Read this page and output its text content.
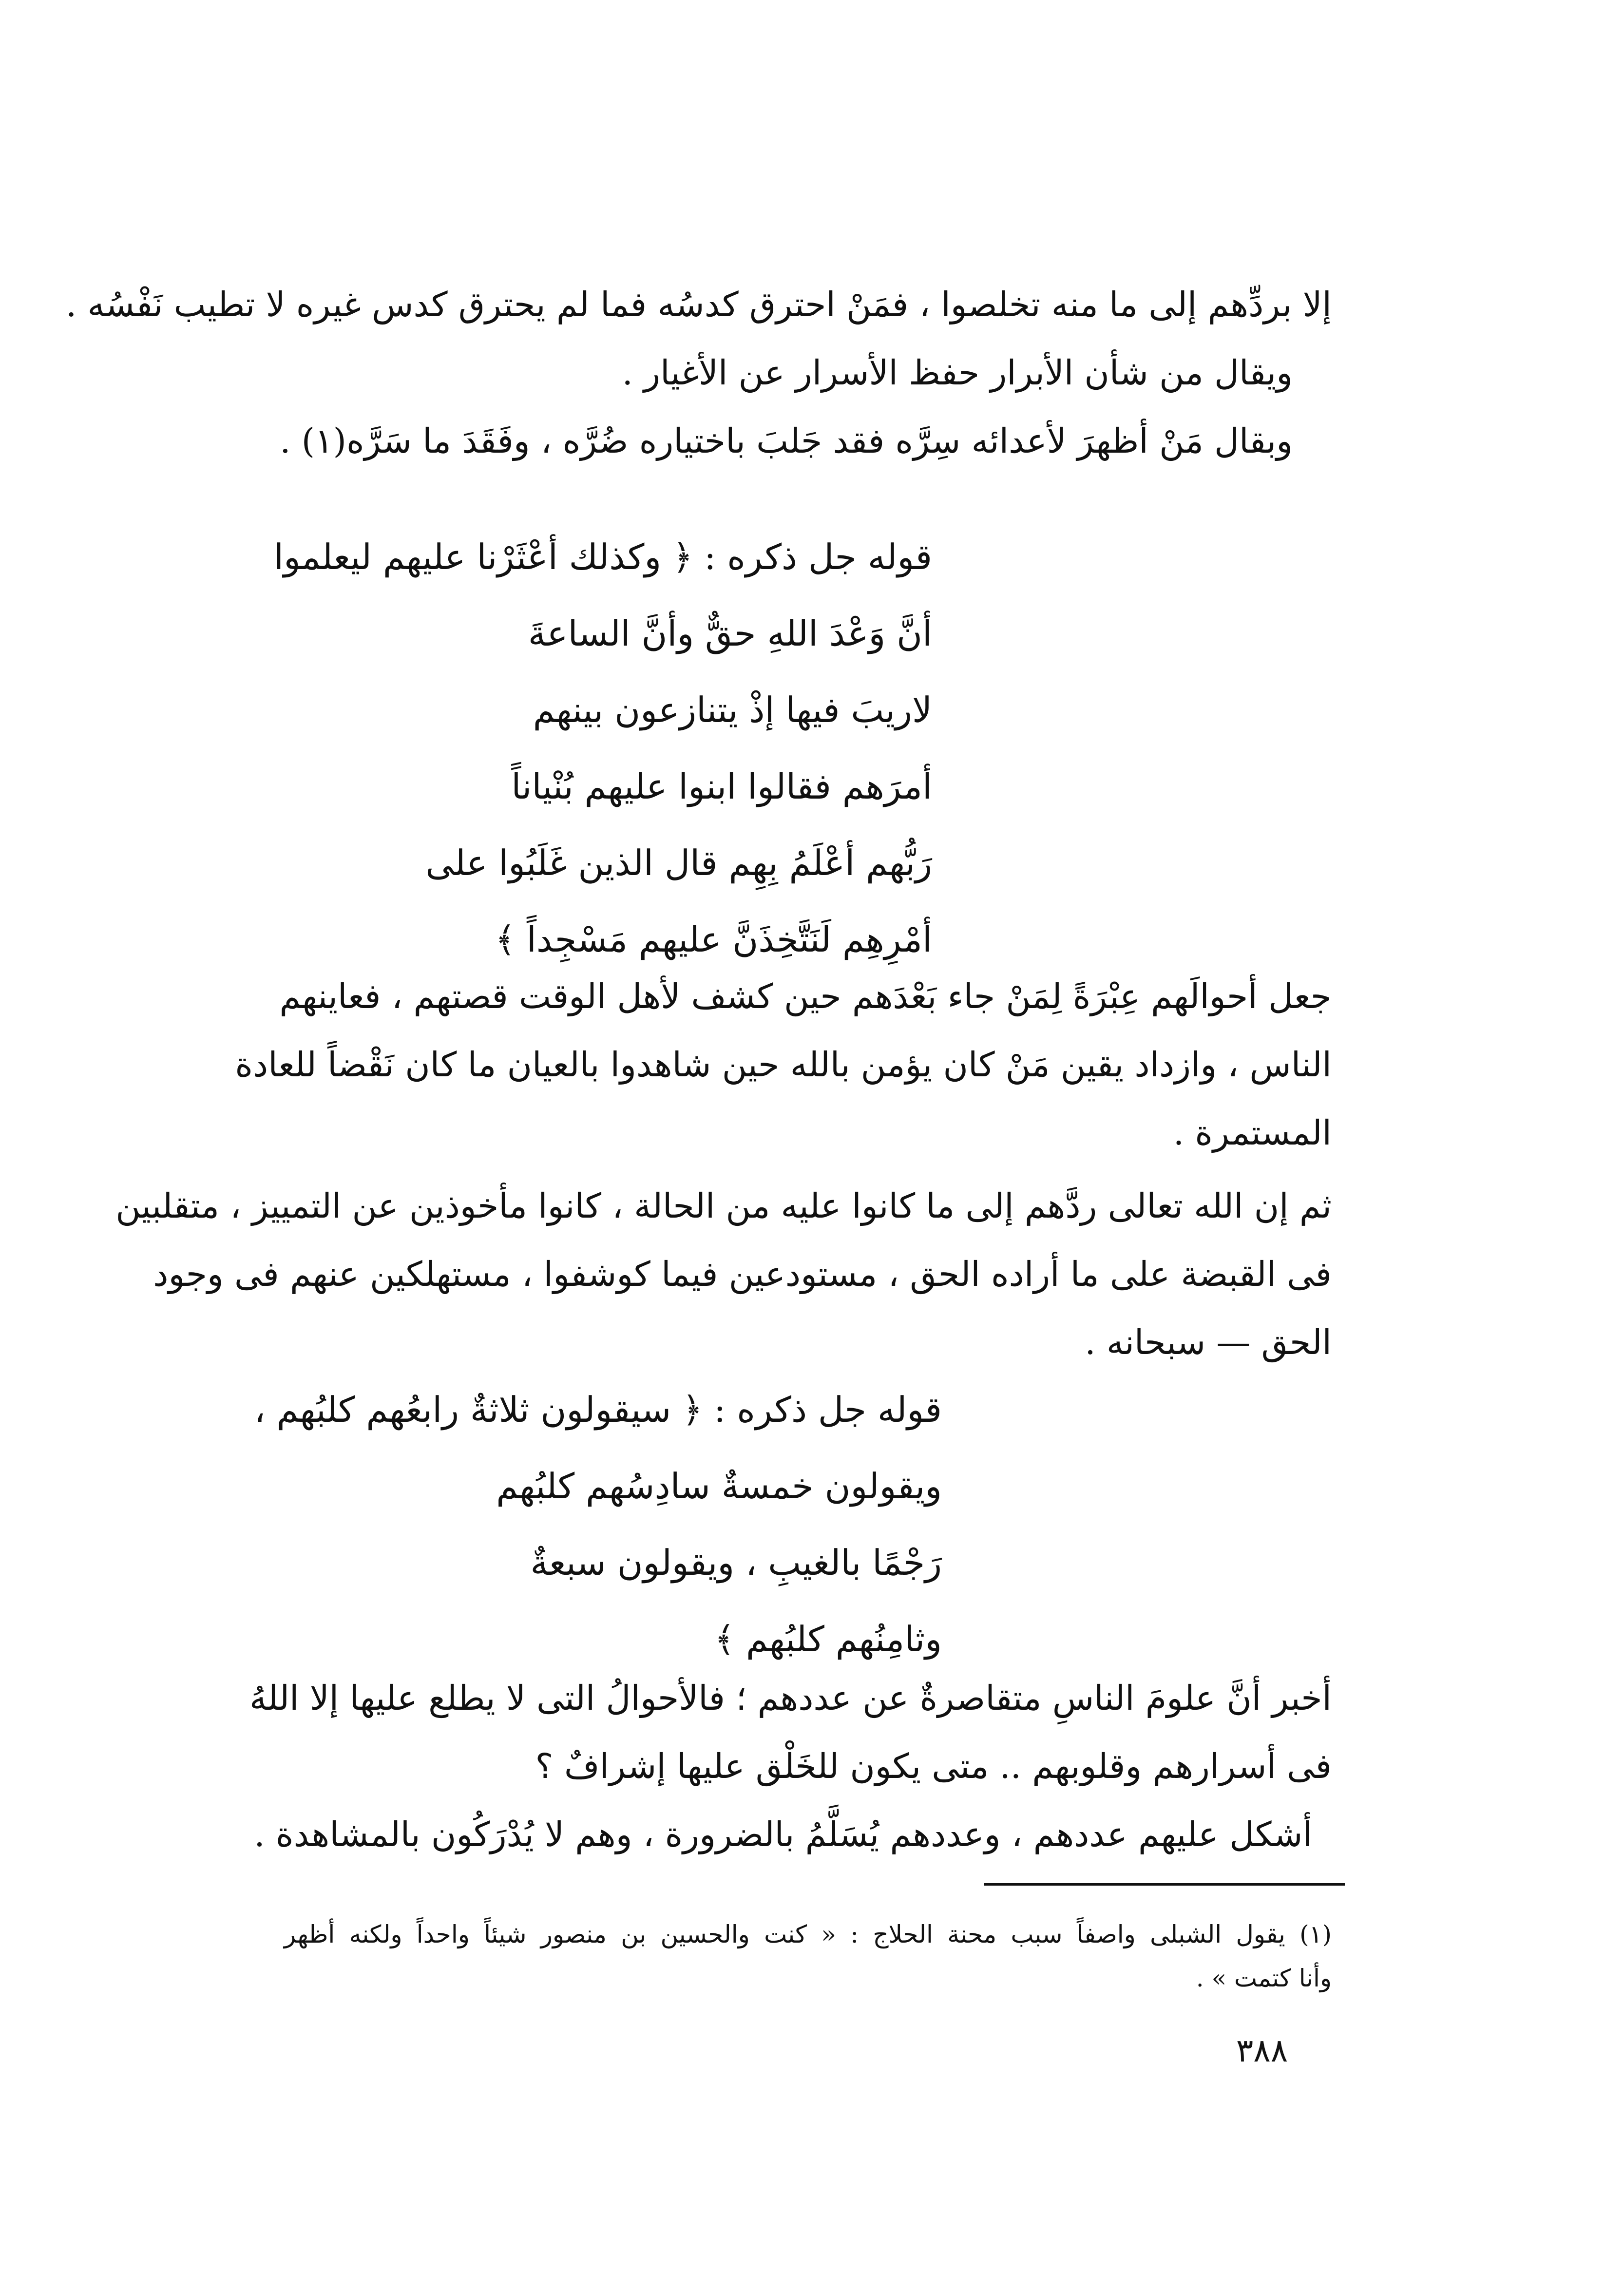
إلا بردِّهم إلى ما منه تخلصوا ، فمَنْ احترق كدسُه فما لم يحترق كدس غيره لا تطيب نَفْسُه .
ويقال من شأن الأبرار حفظ الأسرار عن الأغيار .
وبقال مَنْ أظهرَ لأعدائه سِرَّه فقد جَلبَ باختياره ضُرَّه ، وفَقَدَ ما سَرَّه(١) .
قوله جل ذكره : ﴿ وكذلك أعْثَرْنا عليهم ليعلموا
أنَّ وَعْدَ اللهِ حقٌّ وأنَّ الساعةَ
لاريبَ فيها إذْ يتنازعون بينهم
أمرَهم فقالوا ابنوا عليهم بُنْياناً
رَبُّهم أعْلَمُ بِهِم قال الذين غَلَبُوا على
أمْرِهِم لَنَتَّخِذَنَّ عليهم مَسْجِداً ﴾
جعل أحوالَهم عِبْرَةً لِمَنْ جاء بَعْدَهم حين كشف لأهل الوقت قصتهم ، فعاينهم
الناس ، وازداد يقين مَنْ كان يؤمن بالله حين شاهدوا بالعيان ما كان نَقْضاً للعادة
المستمرة .
ثم إن الله تعالى ردَّهم إلى ما كانوا عليه من الحالة ، كانوا مأخوذين عن التمييز ، متقلبين
فى القبضة على ما أراده الحق ، مستودعين فيما كوشفوا ، مستهلكين عنهم فى وجود
الحق — سبحانه .
قوله جل ذكره : ﴿ سيقولون ثلاثةٌ رابعُهم كلبُهم ،
ويقولون خمسةٌ سادِسُهم كلبُهم
رَجْمًا بالغيبِ ، ويقولون سبعةٌ
وثامِنُهم كلبُهم ﴾
أخبر أنَّ علومَ الناسِ متقاصرةٌ عن عددهم ؛ فالأحوالُ التى لا يطلع عليها إلا اللهُ
فى أسرارهم وقلوبهم .. متى يكون للخَلْق عليها إشرافٌ ؟
أشكل عليهم عددهم ، وعددهم يُسَلَّمُ بالضرورة ، وهم لا يُدْرَكُون بالمشاهدة .
(١) يقول الشبلى واصفاً سبب محنة الحلاج : « كنت والحسين بن منصور شيئاً واحداً ولكنه أظهر
وأنا كتمت » .
٣٨٨
